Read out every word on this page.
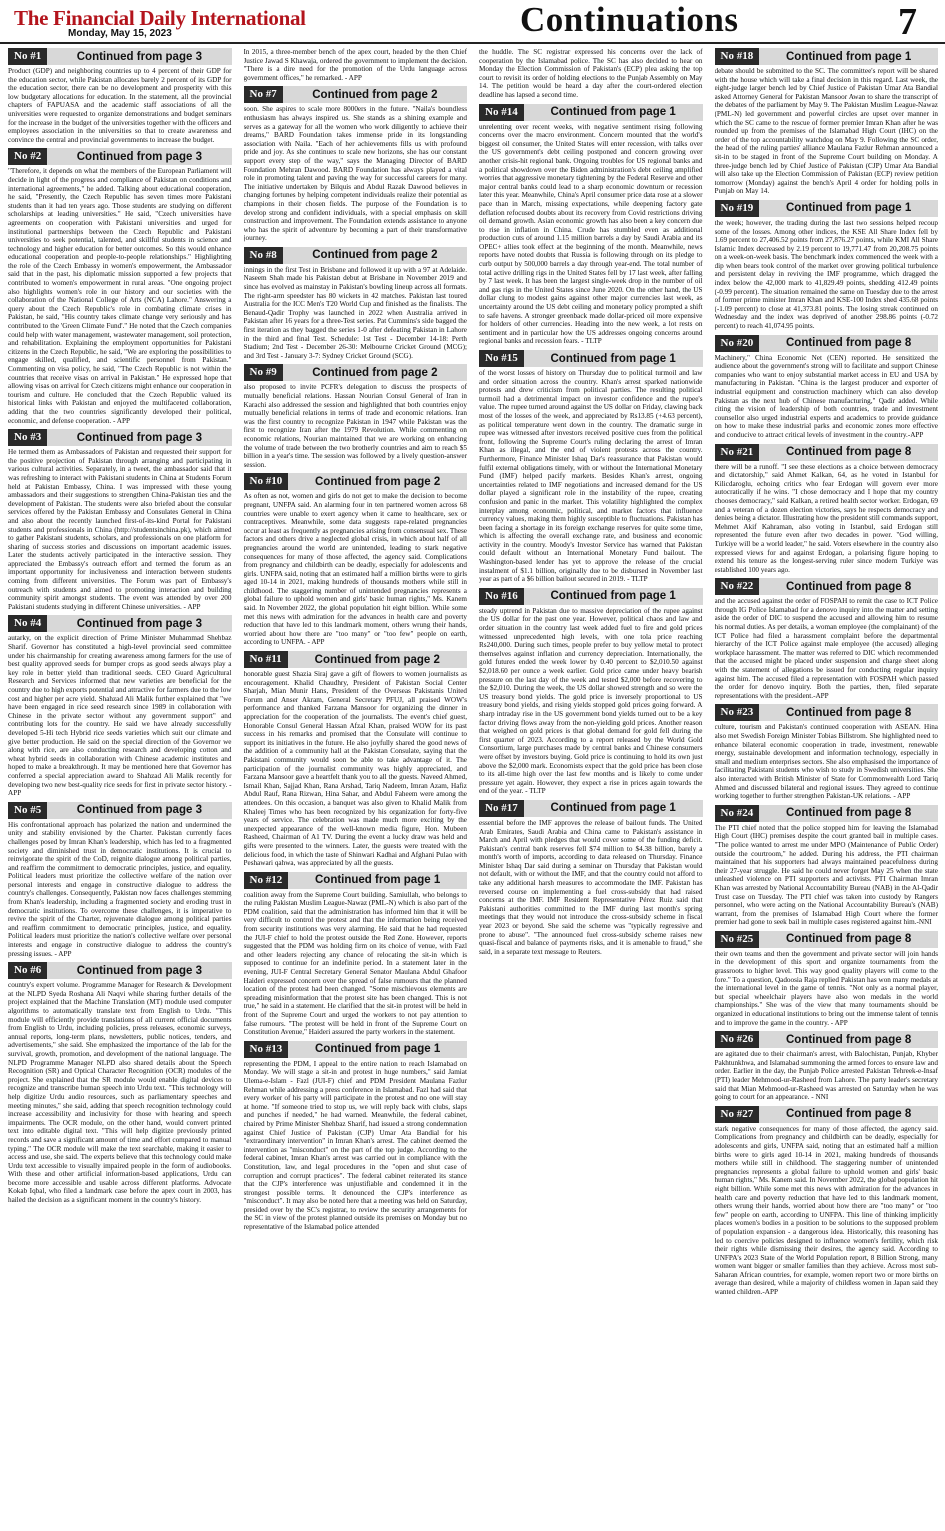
The Financial Daily International
Monday, May 15, 2023	Continuations	7
No #1	Continued from page 3

Product (GDP) and neighboring countries up to 4 percent of their GDP for the education sector, while Pakistan allocates barely 2 percent of its GDP for the education sector, there can be no development and prosperity with this low budgetary allocations for education. In the statement, all the provincial chapters of FAPUASA and the academic staff associations of all the universities were requested to organize demonstrations and budget seminars for the increase in the budget of the universities together with the officers and employees association in the universities so that to create awareness and convince the central and provincial governments to increase the budget.

No #2	Continued from page 3

"Therefore, it depends on what the members of the European Parliament will decide in light of the progress and compliance of Pakistan on conditions and international agreements," he added. Talking about educational cooperation, he said, "Presently, the Czech Republic has seven times more Pakistani students than it had ten years ago. Those students are studying on different scholarships at leading universities." He said, "Czech universities have agreements on cooperation with Pakistani universities and urged for institutional partnerships between the Czech Republic and Pakistani universities to seek potential, talented, and skillful students in science and technology and higher education for better outcomes. So this would enhance educational cooperation and people-to-people relationships." Highlighting the role of the Czech Embassy in women's empowerment, the Ambassador said that in the past, his diplomatic mission supported a few projects that contributed to women's empowerment in rural areas. "One ongoing project also highlights women's role in our history and our societies with the collaboration of the National College of Arts (NCA) Lahore." Answering a query about the Czech Republic's role in combating climate crises in Pakistan, he said, "His country takes climate change very seriously and has contributed to the 'Green Climate Fund'." He noted that the Czech companies could help with water management, wastewater management, soil protection, and rehabilitation. Explaining the employment opportunities for Pakistani citizens in the Czech Republic, he said, "We are exploring the possibilities to engage skilled, qualified, and scientific personnel from Pakistan." Commenting on visa policy, he said, "The Czech Republic is not within the countries that receive visas on arrival in Pakistan." He expressed hope that allowing visas on arrival for Czech citizens might enhance our cooperation in tourism and culture. He concluded that the Czech Republic valued its historical links with Pakistan and enjoyed the multifaceted collaboration, adding that the two countries significantly developed their political, economic, and defense cooperation. - APP

No #3	Continued from page 3

He termed them as Ambassadors of Pakistan and requested their support for the positive projection of Pakistan through arranging and participating in various cultural activities. Separately, in a tweet, the ambassador said that it was refreshing to interact with Pakistani students in China at Students Forum held at Pakistan Embassy, China. I was impressed with these young ambassadors and their suggestions to strengthen China-Pakistan ties and the development of Pakistan. The students were also briefed about the consular services offered by the Pakistan Embassy and Consulates General in China and also about the recently launched first-of-its-kind Portal for Pakistani students and professionals in China (http://studentsinchina.pk), which aimed to gather Pakistani students, scholars, and professionals on one platform for sharing of success stories and discussions on important academic issues. Later the students actively participated in the interactive session. They appreciated the Embassy's outreach effort and termed the forum as an important opportunity for inclusiveness and interaction between students coming from different universities. The Forum was part of Embassy's outreach with students and aimed to promoting interaction and building community spirit amongst students. The event was attended by over 200 Pakistani students studying in different Chinese universities. - APP

No #4	Continued from page 3

autarky, on the explicit direction of Prime Minister Muhammad Shehbaz Sharif. Governor has constituted a high-level provincial seed committee under his chairmanship for creating awareness among farmers for the use of best quality approved seeds for bumper crops as good seeds always play a key role in better yield than traditional seeds. CEO Guard Agricultural Research and Services informed that new varieties are beneficial for the country due to high exports potential and attractive for farmers due to the low cost and higher per acre yield. Shahzad Ali Malik further explained that "we have been engaged in rice seed research since 1989 in collaboration with Chinese in the private sector without any government support" and contributing lots for the country. He said we have already successfully developed 5-Hi tech Hybrid rice seeds varieties which suit our climate and give better production. He said on the special direction of the Governor we along with rice, are also conducting research and developing cotton and wheat hybrid seeds in collaboration with Chinese academic institutes and hoped to make a breakthrough. It may be mentioned here that Governor has conferred a special appreciation award to Shahzad Ali Malik recently for developing two new best-quality rice seeds for first in private sector history. - APP

No #5	Continued from page 3

His confrontational approach has polarized the nation and undermined the unity and stability envisioned by the Charter. Pakistan currently faces challenges posed by Imran Khan's leadership, which has led to a fragmented society and diminished trust in democratic institutions. It is crucial to reinvigorate the spirit of the CoD, reignite dialogue among political parties, and reaffirm the commitment to democratic principles, justice, and equality. Political leaders must prioritize the collective welfare of the nation over personal interests and engage in constructive dialogue to address the country's challenges. Consequently, Pakistan now faces challenges stemming from Khan's leadership, including a fragmented society and eroding trust in democratic institutions. To overcome these challenges, it is imperative to revive the spirit of the Charter, rejuvenate dialogue among political parties and reaffirm commitment to democratic principles, justice, and equality. Political leaders must prioritize the nation's collective welfare over personal interests and engage in constructive dialogue to address the country's pressing issues. - APP

No #6	Continued from page 3

country's expert volume. Programme Manager for Research & Development at the NLPD Syeda Roshana Ali Naqvi while sharing further details of the project explained that the Machine Translation (MT) module used computer algorithms to automatically translate text from English to Urdu. "This module will efficiently provide translations of all current official documents from English to Urdu, including policies, press releases, economic surveys, annual reports, long-term plans, newsletters, public notices, tenders, and advertisements," she said. She emphasized the importance of the lab for the survival, growth, promotion, and development of the national language. The NLPD Programme Manager NLPD also shared details about the Speech Recognition (SR) and Optical Character Recognition (OCR) modules of the project. She explained that the SR module would enable digital devices to recognize and transcribe human speech into Urdu text. "This technology will help digitize Urdu audio resources, such as parliamentary speeches and meeting minutes," she said, adding that speech recognition technology could increase accessibility and inclusivity for those with hearing and speech impairments. The OCR module, on the other hand, would convert printed text into editable digital text. "This will help digitize previously printed records and save a significant amount of time and effort compared to manual typing." The OCR module will make the text searchable, making it easier to access and use, she said. The experts believe that this technology could make Urdu text accessible to visually impaired people in the form of audiobooks. With these and other artificial information-based applications, Urdu can become more accessible and usable across different platforms. Advocate Kokab Iqbal, who filed a landmark case before the apex court in 2003, has hailed the decision as a significant moment in the country's history.

In 2015, a three-member bench of the apex court, headed by the then Chief Justice Jawad S Khawaja, ordered the government to implement the decision. "There is a dire need for the promotion of the Urdu language across government offices," he remarked. - APP

No #7	Continued from page 2

soon. She aspires to scale more 8000ers in the future. "Naila's boundless enthusiasm has always inspired us. She stands as a shining example and serves as a gateway for all the women who work diligently to achieve their dreams," BARD Foundation takes immense pride in its longstanding association with Naila. "Each of her achievements fills us with profound pride and joy. As she continues to scale new horizons, she has our constant support every step of the way," says the Managing Director of BARD Foundation Mehran Dawood. BARD Foundation has always played a vital role in promoting talent and paving the way for successful careers for many. The initiative undertaken by Bilquis and Abdul Razak Dawood believes in changing fortunes by helping competent individuals realize their potential as champions in their chosen fields. The purpose of the Foundation is to develop strong and confident individuals, with a special emphasis on skill construction and improvement. The Foundation extends assistance to anyone who has the spirit of adventure by becoming a part of their transformative journey.

No #8	Continued from page 2

innings in the first Test in Brisbane and followed it up with a 97 at Adelaide. Naseem Shah made his Pakistan debut at Brisbane in November 2019 and since has evolved as mainstay in Pakistan's bowling lineup across all formats. The right-arm speedster has 80 wickets in 42 matches. Pakistan last toured Australia for the ICC Men's T20 World Cup and finished as the finalists. The Benaud-Qadir Trophy was launched in 2022 when Australia arrived in Pakistan after 16 years for a three-Test series. Pat Cummins's side bagged the first iteration as they bagged the series 1-0 after defeating Pakistan in Lahore in the third and final Test. Schedule: 1st Test - December 14-18: Perth Stadium; 2nd Test - December 26-30: Melbourne Cricket Ground (MCG); and 3rd Test - January 3-7: Sydney Cricket Ground (SCG).

No #9	Continued from page 2

also proposed to invite PCFR's delegation to discuss the prospects of mutually beneficial relations. Hassan Nourian Consul General of Iran in Karachi also addressed the session and highlighted that both countries enjoy mutually beneficial relations in terms of trade and economic relations. Iran was the first country to recognize Pakistan in 1947 while Pakistan was the first to recognize Iran after the 1979 Revolution. While commenting on economic relations, Nourian maintained that we are working on enhancing the volume of trade between the two brotherly countries and aim to reach $5 billion in a year's time. The session was followed by a lively question-answer session.

No #10	Continued from page 2

As often as not, women and girls do not get to make the decision to become pregnant, UNFPA said. An alarming four in ten partnered women across 68 countries were unable to exert agency when it came to healthcare, sex or contraceptives. Meanwhile, some data suggests rape-related pregnancies occur at least as frequently as pregnancies arising from consensual sex. These factors and others drive a neglected global crisis, in which about half of all pregnancies around the world are unintended, leading to stark negative consequences for many of those affected, the agency said. Complications from pregnancy and childbirth can be deadly, especially for adolescents and girls. UNFPA said, noting that an estimated half a million births were to girls aged 10-14 in 2021, making hundreds of thousands mothers while still in childhood. The staggering number of unintended pregnancies represents a global failure to uphold women and girls' basic human rights," Ms. Kanem said. In November 2022, the global population hit eight billion. While some met this news with admiration for the advances in health care and poverty reduction that have led to this landmark moment, others wrung their hands, worried about how there are "too many" or "too few" people on earth, according to UNFPA. - APP

No #11	Continued from page 2

honorable guest Shazia Siraj gave a gift of flowers to women journalists as encouragement. Khalid Chaudhry, President of Pakistan Social Center Sharjah, Mian Munir Hans, President of the Overseas Pakistanis United Forum and Anser Akram, General Secretary PFUJ, all praised WOW's performance and thanked Farzana Mansoor for organizing the dinner in appreciation for the cooperation of the journalists. The event's chief guest, Honorable Consul General Hassan Afzal Khan, praised WOW for its past success in his remarks and promised that the Consulate will continue to support its initiatives in the future. He also joyfully shared the good news of the addition of a community hall at the Pakistan Consulate, saying that the Pakistani community would soon be able to take advantage of it. The participation of the journalist community was highly appreciated, and Farzana Mansoor gave a heartfelt thank you to all the guests. Naveed Ahmed, Ismail Khan, Sajjad Khan, Rana Arshad, Tariq Nadeem, Imran Azam, Hafiz Abdul Rauf, Rana Rizwan, Hina Sahar, and Abdul Faheem were among the attendees. On this occasion, a banquet was also given to Khalid Malik from Khaleej Times who has been recognized by his organization for forty-five years of service. The celebration was made much more exciting by the unexpected appearance of the well-known media figure, Hon. Mubeen Rasheed, Chairman of A1 TV. During the event a lucky draw was held and gifts were presented to the winners. Later, the guests were treated with the delicious food, in which the taste of Shinwari Kadhai and Afghani Pulao with Peshawari qahwa, was appreciated by all the guests.

No #12	Continued from page 1

coalition away from the Supreme Court building. Samiullah, who belongs to the ruling Pakistan Muslim League-Nawaz (PML-N) which is also part of the PDM coalition, said that the administration has informed him that it will be very difficult to control the protest and that the information being received from security institutions was very alarming. He said that he had requested the JUI-F chief to hold the protest outside the Red Zone. However, reports suggested that the PDM was holding firm on its choice of venue, with Fazl and other leaders rejecting any chance of relocating the sit-in which is supposed to continue for an indefinite period. In a statement later in the evening, JUI-F Central Secretary General Senator Maulana Abdul Ghafoor Haideri expressed concern over the spread of false rumours that the planned location of the protest had been changed. "Some mischievous elements are spreading misinformation that the protest site has been changed. This is not true," he said in a statement. He clarified that the sit-in protest will be held in front of the Supreme Court and urged the workers to not pay attention to false rumours. "The protest will be held in front of the Supreme Court on Constitution Avenue," Haideri assured the party workers in the statement.

No #13	Continued from page 1

representing the PDM, I appeal to the entire nation to reach Islamabad on Monday. We will stage a sit-in and protest in huge numbers," said Jamiat Ulema-e-Islam - Fazl (JUI-F) chief and PDM President Maulana Fazlur Rehman while addressing a press conference in Islamabad. Fazl had said that every worker of his party will participate in the protest and no one will stay at home. "If someone tried to stop us, we will reply back with clubs, slaps and punches if needed," he had warned. Meanwhile, the federal cabinet, chaired by Prime Minister Shehbaz Sharif, had issued a strong condemnation against Chief Justice of Pakistan (CJP) Umar Ata Bandial for his "extraordinary intervention" in Imran Khan's arrest. The cabinet deemed the intervention as "misconduct" on the part of the top judge. According to the federal cabinet, Imran Khan's arrest was carried out in compliance with the Constitution, law, and legal procedures in the "open and shut case of corruption and corrupt practices". The federal cabinet reiterated its stance that the CJP's interference was unjustifiable and condemned it in the strongest possible terms. It denounced the CJP's interference as "misconduct". It may also be noted here that a meeting was held on Saturday, presided over by the SC's registrar, to review the security arrangements for the SC in view of the protest planned outside its premises on Monday but no representative of the Islamabad police attended

the huddle. The SC registrar expressed his concerns over the lack of cooperation by the Islamabad police. The SC has also decided to hear on Monday the Election Commission of Pakistan's (ECP) plea asking the top court to revisit its order of holding elections to the Punjab Assembly on May 14. The petition would be heard a day after the court-ordered election deadline has lapsed a second time.

No #14	Continued from page 1

unrelenting over recent weeks, with negative sentiment rising following concerns over the macro environment. Concern mounted that the world's biggest oil consumer, the United States will enter recession, with talks over the US government's debt ceiling postponed and concern growing over another crisis-hit regional bank. Ongoing troubles for US regional banks and a political showdown over the Biden administration's debt ceiling amplified worries that aggressive monetary tightening by the Federal Reserve and other major central banks could lead to a sharp economic downturn or recession later this year. Meanwhile, China's April consumer price data rose at a slower pace than in March, missing expectations, while deepening factory gate deflation refocused doubts about its recovery from Covid restrictions driving oil demand growth. Asian economic growth has also been a key concern due to rise in inflation in China. Crude has stumbled even as additional production cuts of around 1.15 million barrels a day by Saudi Arabia and its OPEC+ allies took effect at the beginning of the month. Meanwhile, news reports have noted doubts that Russia is following through on its pledge to curb output by 500,000 barrels a day through year-end. The total number of total active drilling rigs in the United States fell by 17 last week, after falling by 7 last week. It has been the largest single-week drop in the number of oil and gas rigs in the United States since June 2020. On the other hand, the US dollar clung to modest gains against other major currencies last week, as uncertainty around the US debt ceiling and monetary policy prompted a shift to safe havens. A stronger greenback made dollar-priced oil more expensive for holders of other currencies. Heading into the new week, a lot rests on sentiment and in particular how the US addresses ongoing concerns around regional banks and recession fears. - TLTP

No #15	Continued from page 1

of the worst losses of history on Thursday due to political turmoil and law and order situation across the country. Khan's arrest sparked nationwide protests and drew criticism from political parties. The resulting political turmoil had a detrimental impact on investor confidence and the rupee's value. The rupee turned around against the US dollar on Friday, clawing back most of the losses of the week, and appreciated by Rs13.85 (+4.63 percent), as political temperature went down in the country. The dramatic surge in rupee was witnessed after investors received positive cues from the political front, following the Supreme Court's ruling declaring the arrest of Imran Khan as illegal, and the end of violent protests across the country. Furthermore, Finance Minister Ishaq Dar's reassurance that Pakistan would fulfil external obligations timely, with or without the International Monetary Fund (IMF) helped pacify markets. Besides Khan's arrest, ongoing uncertainties related to IMF negotiations and increased demand for the US dollar played a significant role in the instability of the rupee, creating confusion and panic in the market. This volatility highlighted the complex interplay among economic, political, and market factors that influence currency values, making them highly susceptible to fluctuations. Pakistan has been facing a shortage in its foreign exchange reserves for quite some time, which is affecting the overall exchange rate, and business and economic activity in the country. Moody's Investor Service has warned that Pakistan could default without an International Monetary Fund bailout. The Washington-based lender has yet to approve the release of the crucial instalment of $1.1 billion, originally due to be disbursed in November last year as part of a $6 billion bailout secured in 2019. - TLTP

No #16	Continued from page 1

steady uptrend in Pakistan due to massive depreciation of the rupee against the US dollar for the past one year. However, political chaos and law and order situation in the country last week added fuel to fire and gold prices witnessed unprecedented high levels, with one tola price reaching Rs240,000. During such times, people prefer to buy yellow metal to protect themselves against inflation and currency depreciation. Internationally, the gold futures ended the week lower by 0.40 percent to $2,010.50 against $2,018.60 per ounce a week earlier. Gold price came under heavy bearish pressure on the last day of the week and tested $2,000 before recovering to the $2,010. During the week, the US dollar showed strength and so were the US treasury bond yields. The gold price is inversely proportional to US treasury bond yields, and rising yields stopped gold prices going forward. A sharp intraday rise in the US government bond yields turned out to be a key factor driving flows away from the non-yielding gold prices. Another reason that weighed on gold prices is that global demand for gold fell during the first quarter of 2023. According to a report released by the World Gold Consortium, large purchases made by central banks and Chinese consumers were offset by investors buying. Gold price is continuing to hold its own just above the $2,000 mark. Economists expect that the gold price has been close to its all-time high over the last few months and is likely to come under pressure yet again. However, they expect a rise in prices again towards the end of the year. - TLTP

No #17	Continued from page 1

essential before the IMF approves the release of bailout funds. The United Arab Emirates, Saudi Arabia and China came to Pakistan's assistance in March and April with pledges that would cover some of the funding deficit. Pakistan's central bank reserves fell $74 million to $4.38 billion, barely a month's worth of imports, according to data released on Thursday. Finance Minister Ishaq Dar said during a seminar on Thursday that Pakistan would not default, with or without the IMF, and that the country could not afford to take any additional harsh measures to accommodate the IMF. Pakistan has reversed course on implementing a fuel cross-subsidy that had raised concerns at the IMF. IMF Resident Representative Pérez Ruiz said that Pakistani authorities committed to the IMF during last month's spring meetings that they would not introduce the cross-subsidy scheme in fiscal year 2023 or beyond. She said the scheme was "typically regressive and prone to abuse". "The announced fuel cross-subsidy scheme raises new quasi-fiscal and balance of payments risks, and it is amenable to fraud," she said, in a separate text message to Reuters.

No #18	Continued from page 1

debate should be submitted to the SC. The committee's report will be shared with the house which will take a final decision in this regard. Last week, the eight-judge larger bench led by Chief Justice of Pakistan Umar Ata Bandial asked Attorney General for Pakistan Mansoor Awan to share the transcript of the debates of the parliament by May 9. The Pakistan Muslim League-Nawaz (PML-N) led government and powerful circles are upset over manner in which the SC came to the rescue of former premier Imran Khan after he was rounded up from the premises of the Islamabad High Court (IHC) on the order of the top accountability watchdog on May 9. Following the SC order, the head of the ruling parties' alliance Maulana Fazlur Rehman announced a sit-in to be staged in front of the Supreme Court building on Monday. A three-judge bench led by Chief Justice of Pakistan (CJP) Umar Ata Bandial will also take up the Election Commission of Pakistan (ECP) review petition tomorrow (Monday) against the bench's April 4 order for holding polls in Punjab on May 14.

No #19	Continued from page 1

the week; however, the trading during the last two sessions helped recoup some of the losses. Among other indices, the KSE All Share Index fell by 1.69 percent to 27,406.52 points from 27,876.27 points, while KMI All Share Islamic Index decreased by 2.19 percent to 19,771.47 from 20,208.75 points on a week-on-week basis. The benchmark index commenced the week with a dip when bears took control of the market over growing political turbulence and persistent delay in reviving the IMF programme, which dragged the index below the 42,000 mark to 41,829.49 points, shedding 412.49 points (-0.99 percent). The situation remained the same on Tuesday due to the arrest of former prime minister Imran Khan and KSE-100 Index shed 435.68 points (-1.09 percent) to close at 41,373.81 points. The losing streak continued on Wednesday and the index was deprived of another 298.86 points (-0.72 percent) to reach 41,074.95 points.

No #20	Continued from page 8

Machinery," China Economic Net (CEN) reported. He sensitized the audience about the government's strong will to facilitate and support Chinese companies who want to enjoy substantial market access in EU and USA by manufacturing in Pakistan. "China is the largest producer and exporter of industrial equipment and construction machinery which can also develop Pakistan as the next hub of Chinese manufacturing," Qadir added. While citing the vision of leadership of both countries, trade and investment counsellor also urged industrial experts and academics to provide guidance on how to make these industrial parks and economic zones more effective and conducive to attract critical levels of investment in the country.-APP

No #21	Continued from page 8

there will be a runoff. "I see these elections as a choice between democracy and dictatorship," said Ahmet Kalkan, 64, as he voted in Istanbul for Kilicdaroglu, echoing critics who fear Erdogan will govern ever more autocratically if he wins. "I chose democracy and I hope that my country chooses democracy," said Kalkan, a retired health sector worker. Erdogan, 69 and a veteran of a dozen election victories, says he respects democracy and denies being a dictator. Illustrating how the president still commands support, Mehmet Akif Kahraman, also voting in Istanbul, said Erdogan still represented the future even after two decades in power. "God willing, Turkiye will be a world leader," he said. Voters elsewhere in the country also expressed views for and against Erdogan, a polarising figure hoping to extend his tenure as the longest-serving ruler since modern Turkiye was established 100 years ago.

No #22	Continued from page 8

and the accused against the order of FOSPAH to remit the case to ICT Police through IG Police Islamabad for a denovo inquiry into the matter and setting aside the order of DIC to suspend the accused and allowing him to resume his normal duties. As per details, a woman employee (the complainant) of the ICT Police had filed a harassment complaint before the departmental hierarchy of the ICT Police against male employee (the accused) alleging workplace harassment. The matter was referred to DIC which recommended that the accused might be placed under suspension and charge sheet along with the statement of allegations be issued for conducting regular inquiry against him. The accused filed a representation with FOSPAH which passed the order for denovo inquiry. Both the parties, then, filed separate representations with the president.-APP

No #23	Continued from page 8

culture, tourism and Pakistan's continued cooperation with ASEAN. Hina also met Swedish Foreign Minister Tobias Billstrom. She highlighted need to enhance bilateral economic cooperation in trade, investment, renewable energy, sustainable development and information technology, especially in small and medium enterprises sectors. She also emphasised the importance of facilitating Pakistani students who wish to study in Swedish universities. She also interacted with British Minister of State for Commonwealth Lord Tariq Ahmed and discussed bilateral and regional issues. They agreed to continue working together to further strengthen Pakistan-UK relations. - APP

No #24	Continued from page 8

The PTI chief noted that the police stopped him for leaving the Islamabad High Court (IHC) premises despite the court granted bail in multiple cases. "The police wanted to arrest me under MPO (Maintenance of Public Order) outside the courtroom," he added. During his address, the PTI chairman maintained that his supporters had always maintained peacefulness during their 27-year struggle. He said he could never forget May 25 when the state unleashed violence on PTI supporters and activists. PTI Chairman Imran Khan was arrested by National Accountability Bureau (NAB) in the Al-Qadir Trust case on Tuesday. The PTI chief was taken into custody by Rangers personnel, who were acting on the National Accountability Bureau's (NAB) warrant, from the premises of Islamabad High Court where the former premier had gone to seek bail in multiple cases registered against him.-NNI

No #25	Continued from page 8

their own teams and then the government and private sector will join hands in the development of this sport and organize tournaments from the grassroots to higher level. This way good quality players will come to the fore." To a question, Qadoosia Raja replied Pakistan has won many medals at the international level in the game of tennis. "Not only as a normal player, but special wheelchair players have also won medals in the world championships." She was of the view that many tournaments should be organized in educational institutions to bring out the immense talent of tennis and to improve the game in the country. - APP

No #26	Continued from page 8

are agitated due to their chairman's arrest, with Balochistan, Punjab, Khyber Pakhtunkhwa, and Islamabad summoning the armed forces to ensure law and order. Earlier in the day, the Punjab Police arrested Pakistan Tehreek-e-Insaf (PTI) leader Mehmood-ur-Rasheed from Lahore. The party leader's secretary said that Mian Mehmood-ur-Rasheed was arrested on Saturday when he was going to court for an appearance. - NNI

No #27	Continued from page 8

stark negative consequences for many of those affected, the agency said. Complications from pregnancy and childbirth can be deadly, especially for adolescents and girls, UNFPA said, noting that an estimated half a million births were to girls aged 10-14 in 2021, making hundreds of thousands mothers while still in childhood. The staggering number of unintended pregnancies represents a global failure to uphold women and girls' basic human rights," Ms. Kanem said. In November 2022, the global population hit eight billion. While some met this news with admiration for the advances in health care and poverty reduction that have led to this landmark moment, others wrung their hands, worried about how there are "too many" or "too few" people on earth, according to UNFPA. This line of thinking implicitly places women's bodies in a position to be solutions to the supposed problem of population expansion - a dangerous idea. Historically, this reasoning has led to coercive policies designed to influence women's fertility, which risk their rights while dismissing their desires, the agency said. According to UNFPA's 2023 State of the World Population report, 8 Billion Strong, many women want bigger or smaller families than they achieve. Across most sub-Saharan African countries, for example, women report two or more births on average than desired, while a majority of childless women in Japan said they wanted children.-APP
